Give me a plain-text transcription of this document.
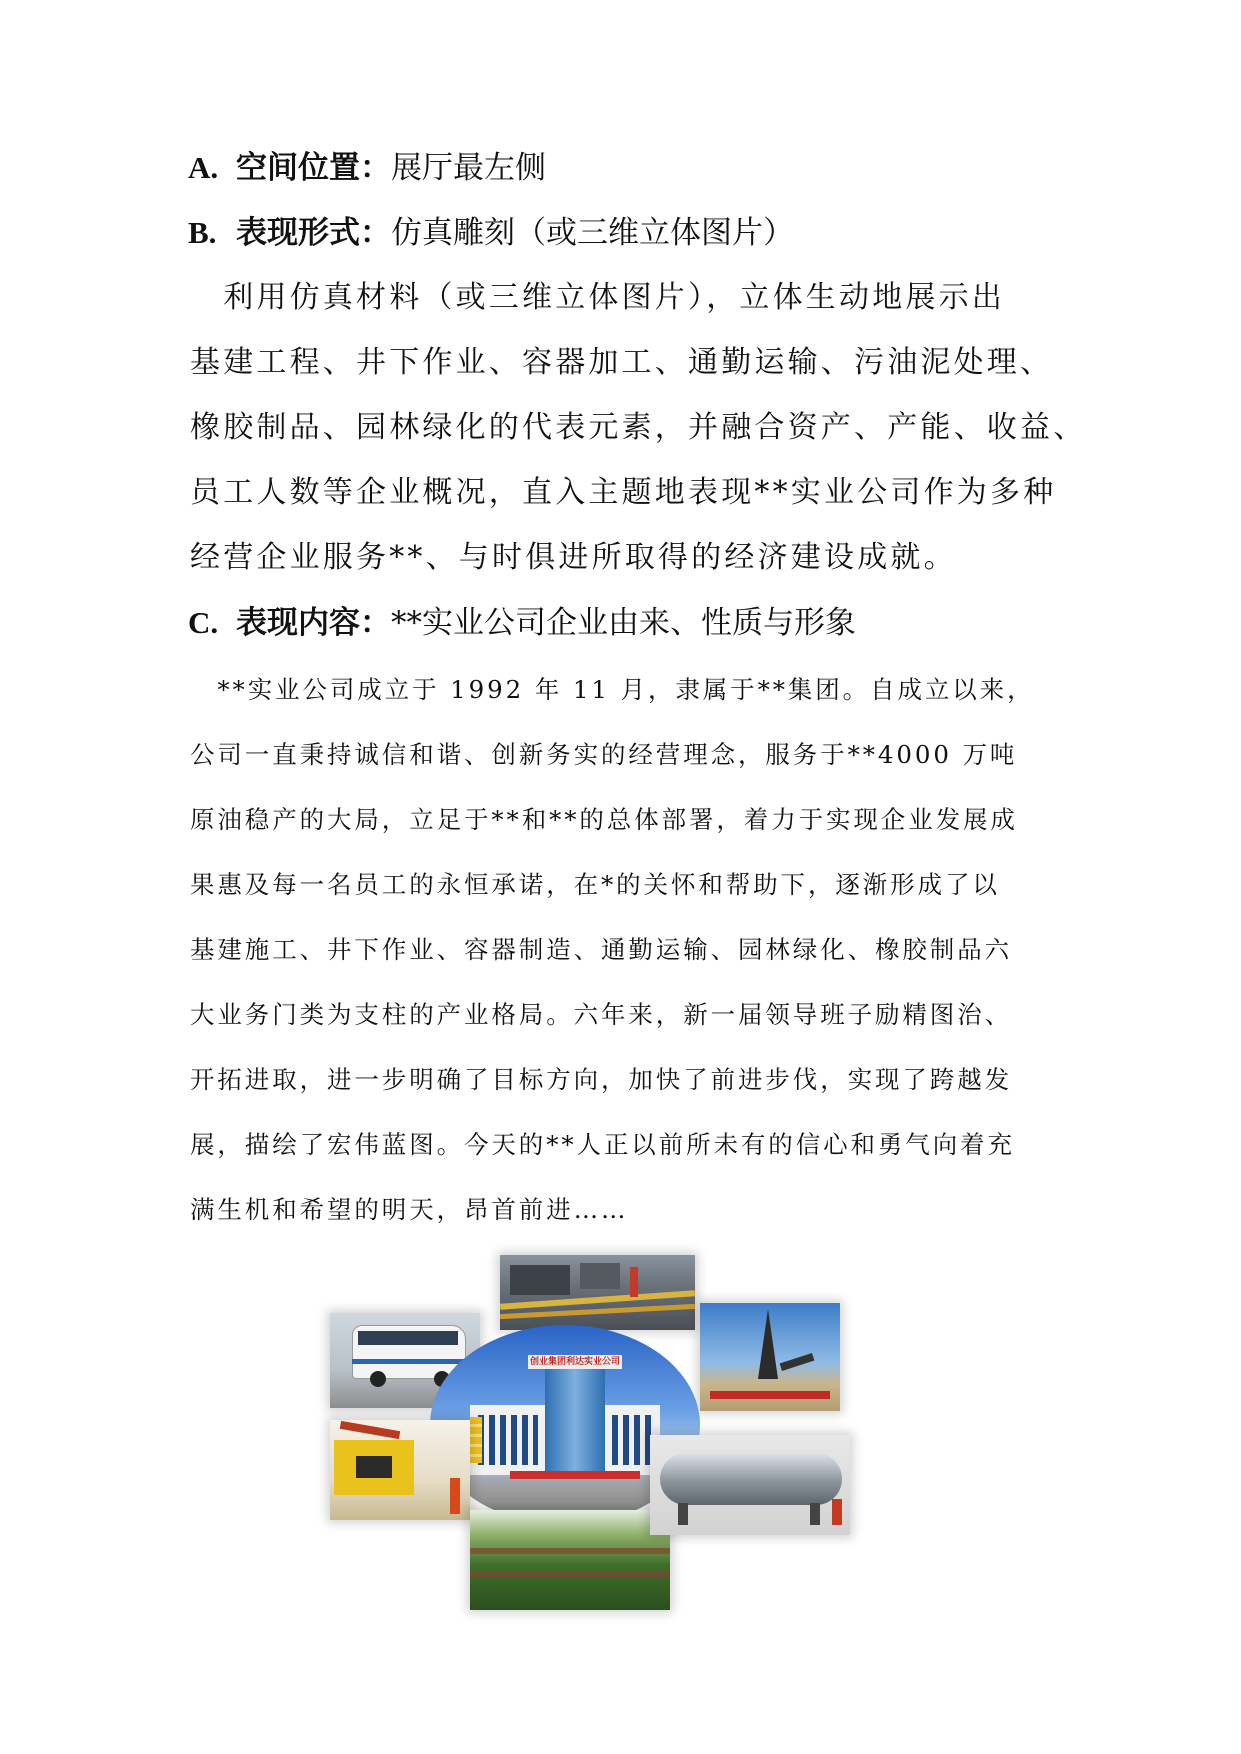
A. 空间位置：展厅最左侧
B. 表现形式：仿真雕刻（或三维立体图片）
　利用仿真材料（或三维立体图片），立体生动地展示出
基建工程、井下作业、容器加工、通勤运输、污油泥处理、
橡胶制品、园林绿化的代表元素，并融合资产、产能、收益、
员工人数等企业概况，直入主题地表现**实业公司作为多种
经营企业服务**、与时俱进所取得的经济建设成就。
C. 表现内容：**实业公司企业由来、性质与形象
　**实业公司成立于 1992 年 11 月，隶属于**集团。自成立以来，
公司一直秉持诚信和谐、创新务实的经营理念，服务于**4000 万吨
原油稳产的大局，立足于**和**的总体部署，着力于实现企业发展成
果惠及每一名员工的永恒承诺，在*的关怀和帮助下，逐渐形成了以
基建施工、井下作业、容器制造、通勤运输、园林绿化、橡胶制品六
大业务门类为支柱的产业格局。六年来，新一届领导班子励精图治、
开拓进取，进一步明确了目标方向，加快了前进步伐，实现了跨越发
展，描绘了宏伟蓝图。今天的**人正以前所未有的信心和勇气向着充
满生机和希望的明天，昂首前进……
创业集团利达实业公司
